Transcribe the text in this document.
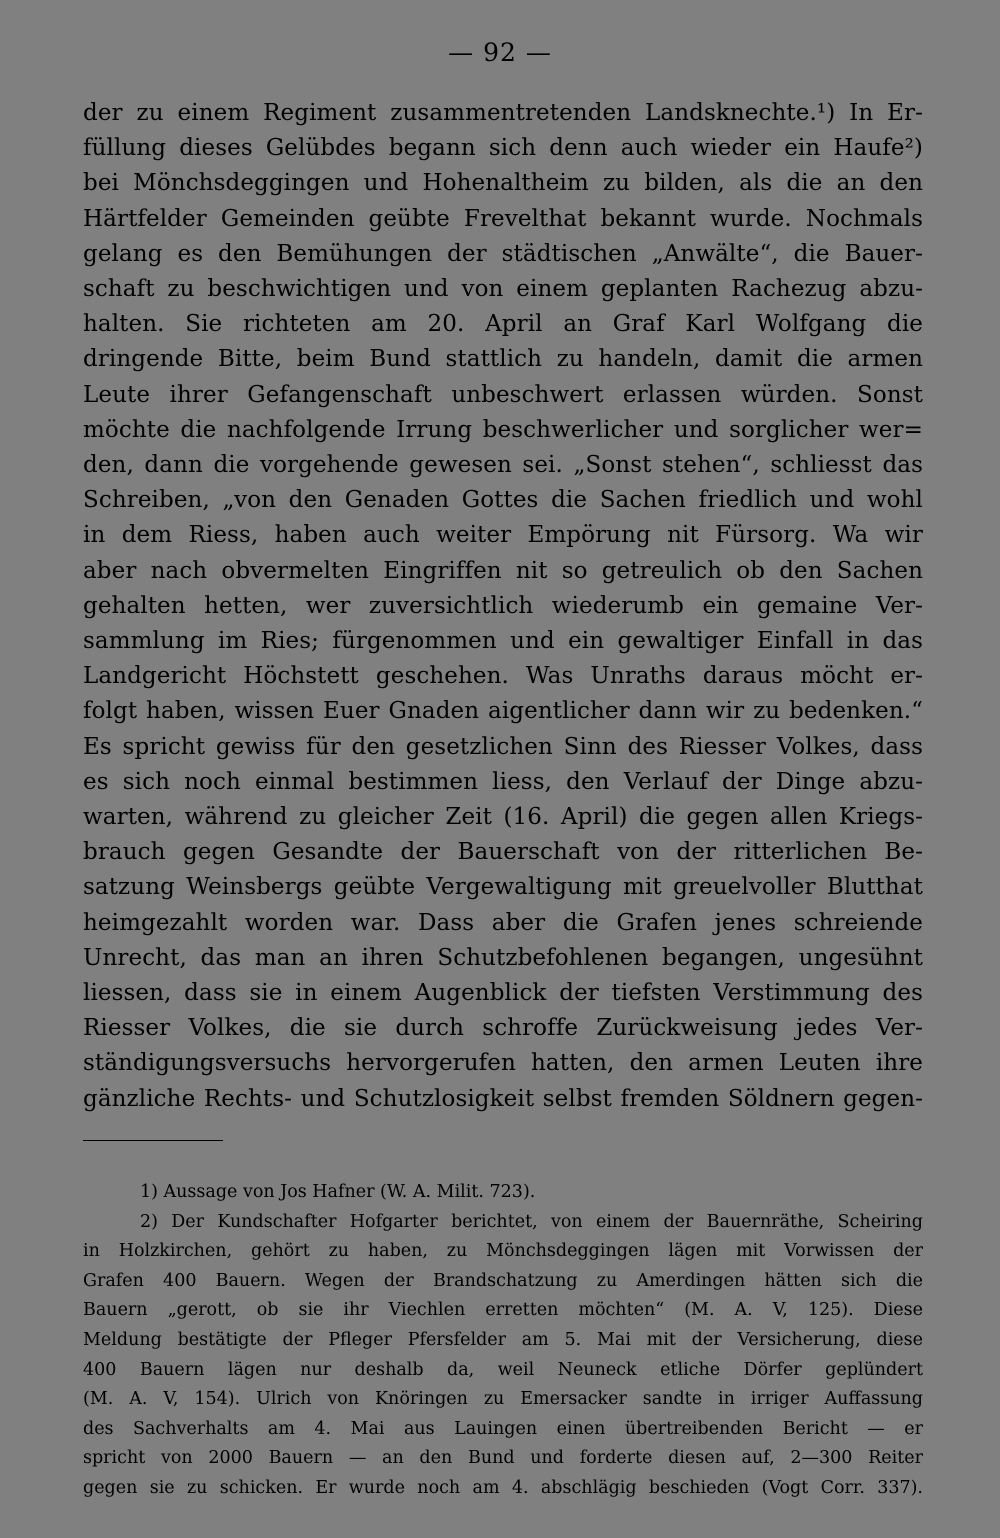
— 92 —
der zu einem Regiment zusammentretenden Landsknechte.¹) In Er-
füllung dieses Gelübdes begann sich denn auch wieder ein Haufe²)
bei Mönchsdeggingen und Hohenaltheim zu bilden, als die an den
Härtfelder Gemeinden geübte Frevelthat bekannt wurde. Nochmals
gelang es den Bemühungen der städtischen „Anwälte“, die Bauer-
schaft zu beschwichtigen und von einem geplanten Rachezug abzu-
halten. Sie richteten am 20. April an Graf Karl Wolfgang die
dringende Bitte, beim Bund stattlich zu handeln, damit die armen
Leute ihrer Gefangenschaft unbeschwert erlassen würden. Sonst
möchte die nachfolgende Irrung beschwerlicher und sorglicher wer=
den, dann die vorgehende gewesen sei. „Sonst stehen“, schliesst das
Schreiben, „von den Genaden Gottes die Sachen friedlich und wohl
in dem Riess, haben auch weiter Empörung nit Fürsorg. Wa wir
aber nach obvermelten Eingriffen nit so getreulich ob den Sachen
gehalten hetten, wer zuversichtlich wiederumb ein gemaine Ver-
sammlung im Ries; fürgenommen und ein gewaltiger Einfall in das
Landgericht Höchstett geschehen. Was Unraths daraus möcht er-
folgt haben, wissen Euer Gnaden aigentlicher dann wir zu bedenken.“
Es spricht gewiss für den gesetzlichen Sinn des Riesser Volkes, dass
es sich noch einmal bestimmen liess, den Verlauf der Dinge abzu-
warten, während zu gleicher Zeit (16. April) die gegen allen Kriegs-
brauch gegen Gesandte der Bauerschaft von der ritterlichen Be-
satzung Weinsbergs geübte Vergewaltigung mit greuelvoller Blutthat
heimgezahlt worden war. Dass aber die Grafen jenes schreiende
Unrecht, das man an ihren Schutzbefohlenen begangen, ungesühnt
liessen, dass sie in einem Augenblick der tiefsten Verstimmung des
Riesser Volkes, die sie durch schroffe Zurückweisung jedes Ver-
ständigungsversuchs hervorgerufen hatten, den armen Leuten ihre
gänzliche Rechts- und Schutzlosigkeit selbst fremden Söldnern gegen-
1) Aussage von Jos Hafner (W. A. Milit. 723).
2) Der Kundschafter Hofgarter berichtet, von einem der Bauernräthe, Scheiring
in Holzkirchen, gehört zu haben, zu Mönchsdeggingen lägen mit Vorwissen der
Grafen 400 Bauern. Wegen der Brandschatzung zu Amerdingen hätten sich die
Bauern „gerott, ob sie ihr Viechlen erretten möchten“ (M. A. V, 125). Diese
Meldung bestätigte der Pfleger Pfersfelder am 5. Mai mit der Versicherung, diese
400 Bauern lägen nur deshalb da, weil Neuneck etliche Dörfer geplündert
(M. A. V, 154). Ulrich von Knöringen zu Emersacker sandte in irriger Auffassung
des Sachverhalts am 4. Mai aus Lauingen einen übertreibenden Bericht — er
spricht von 2000 Bauern — an den Bund und forderte diesen auf, 2—300 Reiter
gegen sie zu schicken. Er wurde noch am 4. abschlägig beschieden (Vogt Corr. 337).
